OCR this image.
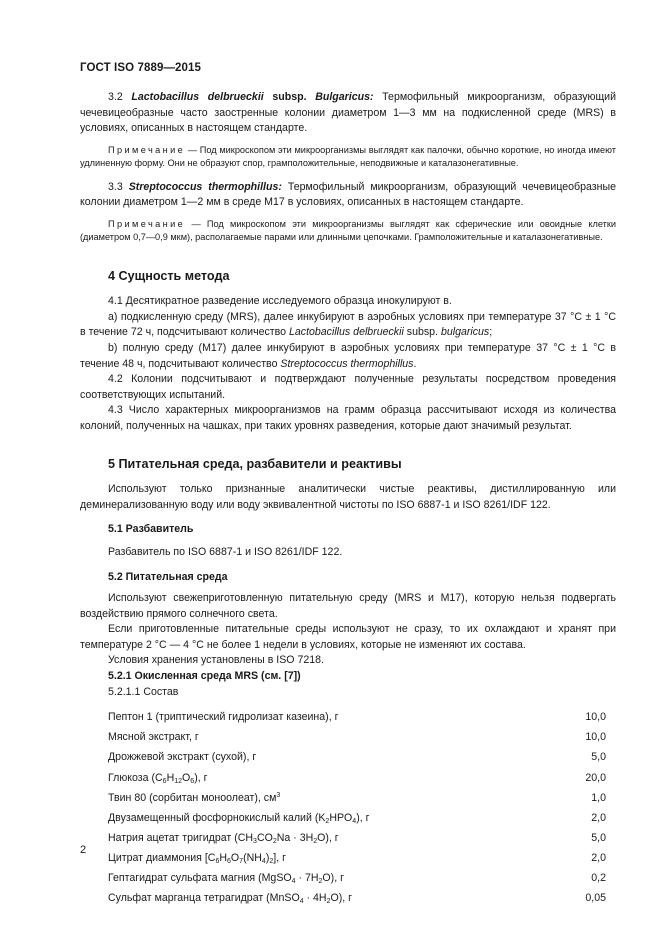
ГОСТ ISO 7889—2015

3.2 Lactobacillus delbrueckii subsp. Bulgaricus: Термофильный микроорганизм, образующий чечевицеобразные часто заостренные колонии диаметром 1—3 мм на подкисленной среде (MRS) в условиях, описанных в настоящем стандарте.

Примечание — Под микроскопом эти микроорганизмы выглядят как палочки, обычно короткие, но иногда имеют удлиненную форму. Они не образуют спор, грамположительные, неподвижные и каталазонегативные.

3.3 Streptococcus thermophillus: Термофильный микроорганизм, образующий чечевицеобразные колонии диаметром 1—2 мм в среде М17 в условиях, описанных в настоящем стандарте.

Примечание — Под микроскопом эти микроорганизмы выглядят как сферические или овоидные клетки (диаметром 0,7—0,9 мкм), располагаемые парами или длинными цепочками. Грамположительные и каталазонегативные.

4 Сущность метода

4.1 Десятикратное разведение исследуемого образца инокулируют в.

а) подкисленную среду (MRS), далее инкубируют в аэробных условиях при температуре 37 °С ± 1 °С в течение 72 ч, подсчитывают количество Lactobacillus delbrueckii subsp. bulgaricus;

b) полную среду (M17) далее инкубируют в аэробных условиях при температуре 37 °С ± 1 °С в течение 48 ч, подсчитывают количество Streptococcus thermophillus.

4.2 Колонии подсчитывают и подтверждают полученные результаты посредством проведения соответствующих испытаний.

4.3 Число характерных микроорганизмов на грамм образца рассчитывают исходя из количества колоний, полученных на чашках, при таких уровнях разведения, которые дают значимый результат.

5 Питательная среда, разбавители и реактивы

Используют только признанные аналитически чистые реактивы, дистиллированную или деминерализованную воду или воду эквивалентной чистоты по ISO 6887-1 и ISO 8261/IDF 122.

5.1 Разбавитель

Разбавитель по ISO 6887-1 и ISO 8261/IDF 122.

5.2 Питательная среда

Используют свежеприготовленную питательную среду (MRS и M17), которую нельзя подвергать воздействию прямого солнечного света.

Если приготовленные питательные среды используют не сразу, то их охлаждают и хранят при температуре 2 °С — 4 °С не более 1 недели в условиях, которые не изменяют их состава.

Условия хранения установлены в ISO 7218.

5.2.1 Окисленная среда MRS (см. [7])
5.2.1.1 Состав
Пептон 1 (триптический гидролизат казеина), г	10,0
Мясной экстракт, г	10,0
Дрожжевой экстракт (сухой), г	5,0
Глюкоза $(C_6H_{12}O_6)$, г	20,0
Твин 80 (сорбитан моноолеат), $см^3$	1,0
Двузамещенный фосфорнокислый калий $(K_2HPO_4)$, г	2,0
Натрия ацетат тригидрат $(CH_3CO_2Na \cdot 3H_2O)$, г	5,0
Цитрат диаммония $[C_6H_6O_7(NH_4)_2]$, г	2,0
Гептагидрат сульфата магния (MgSO$_4$ · $7H_2O$), г	0,2
Сульфат марганца тетрагидрат (MnSO$_4$ · $4H_2O$), г	0,05
2
